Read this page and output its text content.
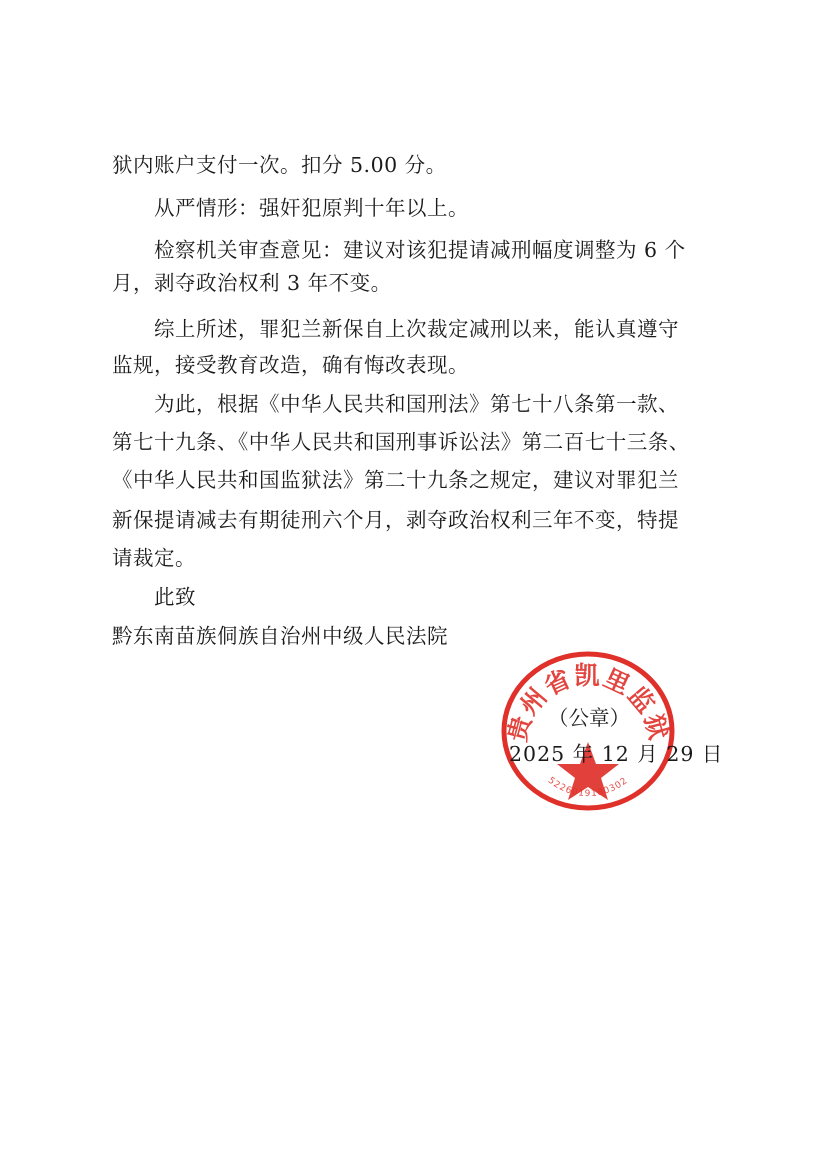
狱内账户支付一次。扣分 5.00 分。
从严情形：强奸犯原判十年以上。
检察机关审查意见：建议对该犯提请减刑幅度调整为 6 个
月，剥夺政治权利 3 年不变。
综上所述，罪犯兰新保自上次裁定减刑以来，能认真遵守
监规，接受教育改造，确有悔改表现。
为此，根据《中华人民共和国刑法》第七十八条第一款、
第七十九条、《中华人民共和国刑事诉讼法》第二百七十三条、
《中华人民共和国监狱法》第二十九条之规定，建议对罪犯兰
新保提请减去有期徒刑六个月，剥夺政治权利三年不变，特提
请裁定。
此致
黔东南苗族侗族自治州中级人民法院
贵州省凯里监狱
5226019180302
（公章）
2025 年 12 月 29 日
